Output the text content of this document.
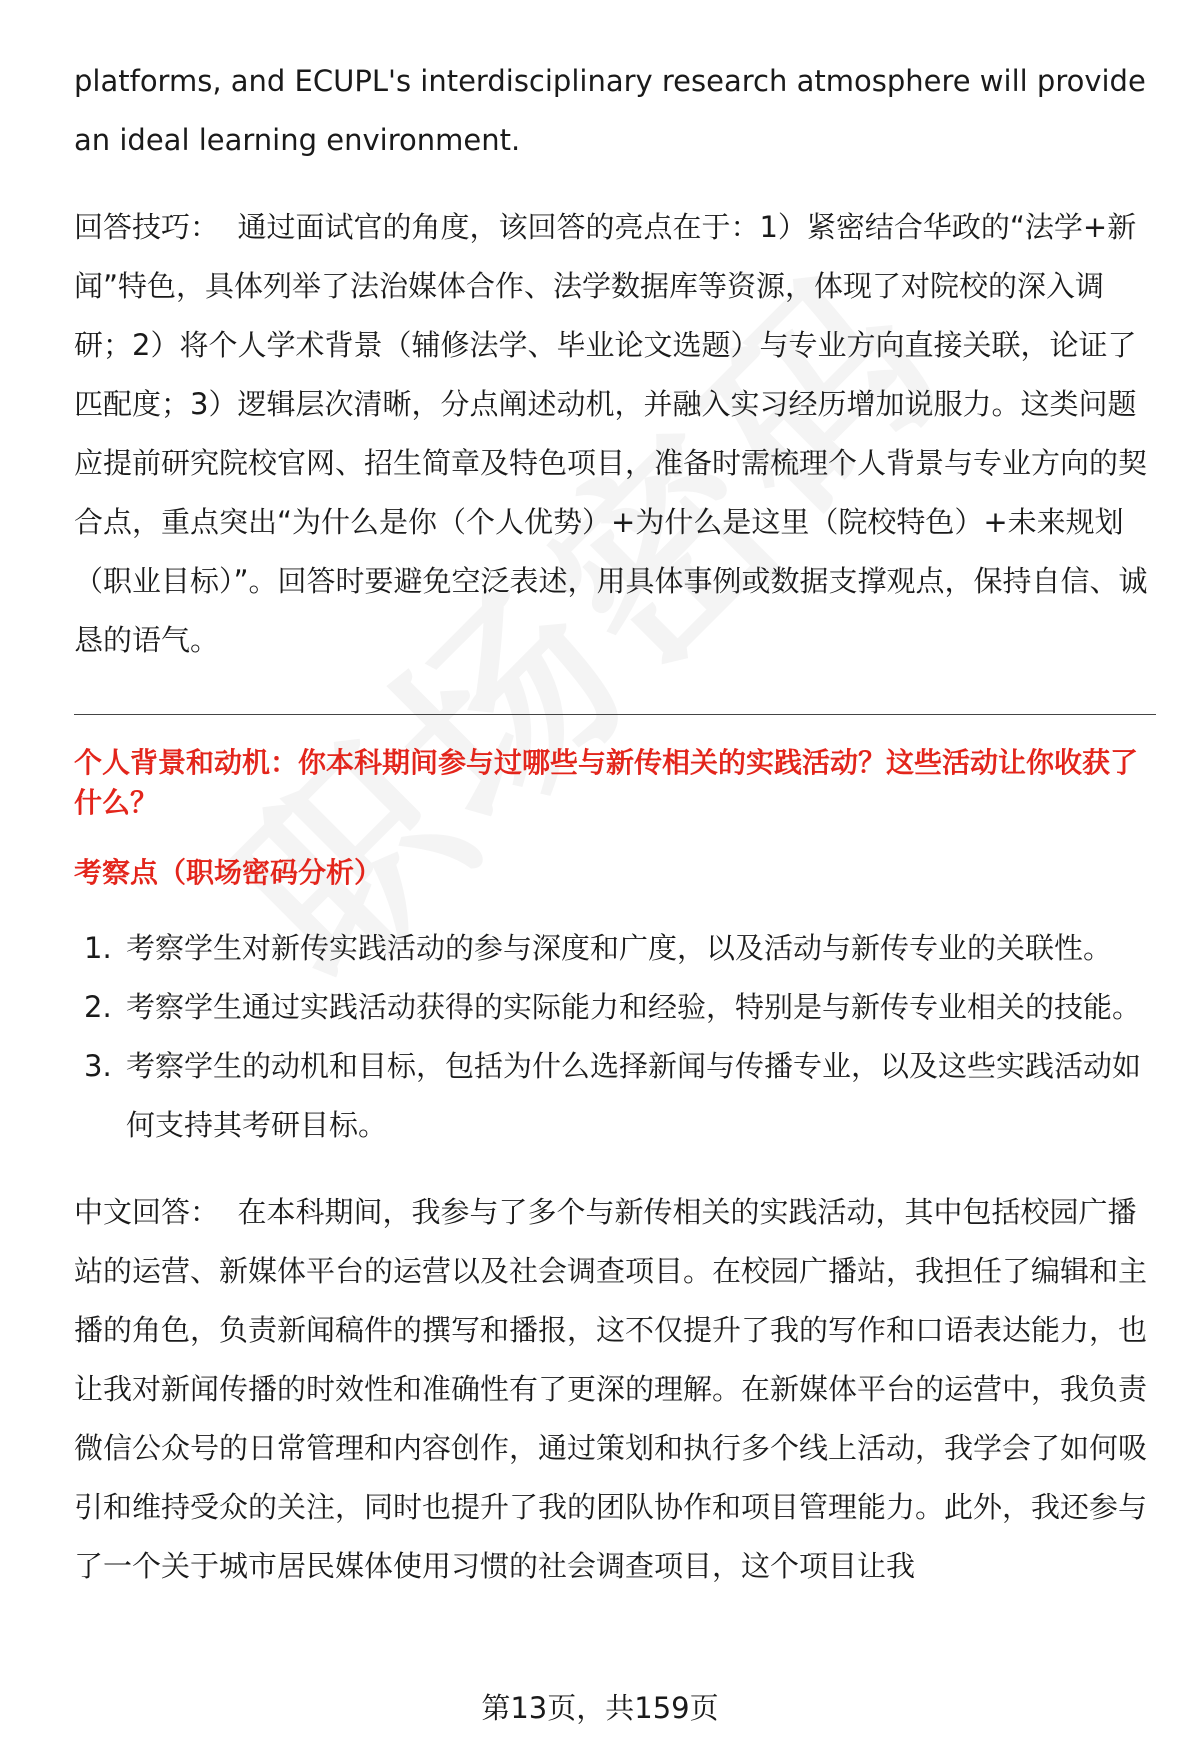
platforms, and ECUPL's interdisciplinary research atmosphere will provide an ideal learning environment.

回答技巧： 通过面试官的角度，该回答的亮点在于：1）紧密结合华政的“法学+新闻”特色，具体列举了法治媒体合作、法学数据库等资源，体现了对院校的深入调研；2）将个人学术背景（辅修法学、毕业论文选题）与专业方向直接关联，论证了匹配度；3）逻辑层次清晰，分点阐述动机，并融入实习经历增加说服力。这类问题应提前研究院校官网、招生简章及特色项目，准备时需梳理个人背景与专业方向的契合点，重点突出“为什么是你（个人优势）+为什么是这里（院校特色）+未来规划（职业目标）”。回答时要避免空泛表述，用具体事例或数据支撑观点，保持自信、诚恳的语气。

个人背景和动机：你本科期间参与过哪些与新传相关的实践活动？这些活动让你收获了什么？

考察点（职场密码分析）

1. 考察学生对新传实践活动的参与深度和广度，以及活动与新传专业的关联性。
2. 考察学生通过实践活动获得的实际能力和经验，特别是与新传专业相关的技能。
3. 考察学生的动机和目标，包括为什么选择新闻与传播专业，以及这些实践活动如何支持其考研目标。

中文回答： 在本科期间，我参与了多个与新传相关的实践活动，其中包括校园广播站的运营、新媒体平台的运营以及社会调查项目。在校园广播站，我担任了编辑和主播的角色，负责新闻稿件的撰写和播报，这不仅提升了我的写作和口语表达能力，也让我对新闻传播的时效性和准确性有了更深的理解。在新媒体平台的运营中，我负责微信公众号的日常管理和内容创作，通过策划和执行多个线上活动，我学会了如何吸引和维持受众的关注，同时也提升了我的团队协作和项目管理能力。此外，我还参与了一个关于城市居民媒体使用习惯的社会调查项目，这个项目让我

第13页，共159页
